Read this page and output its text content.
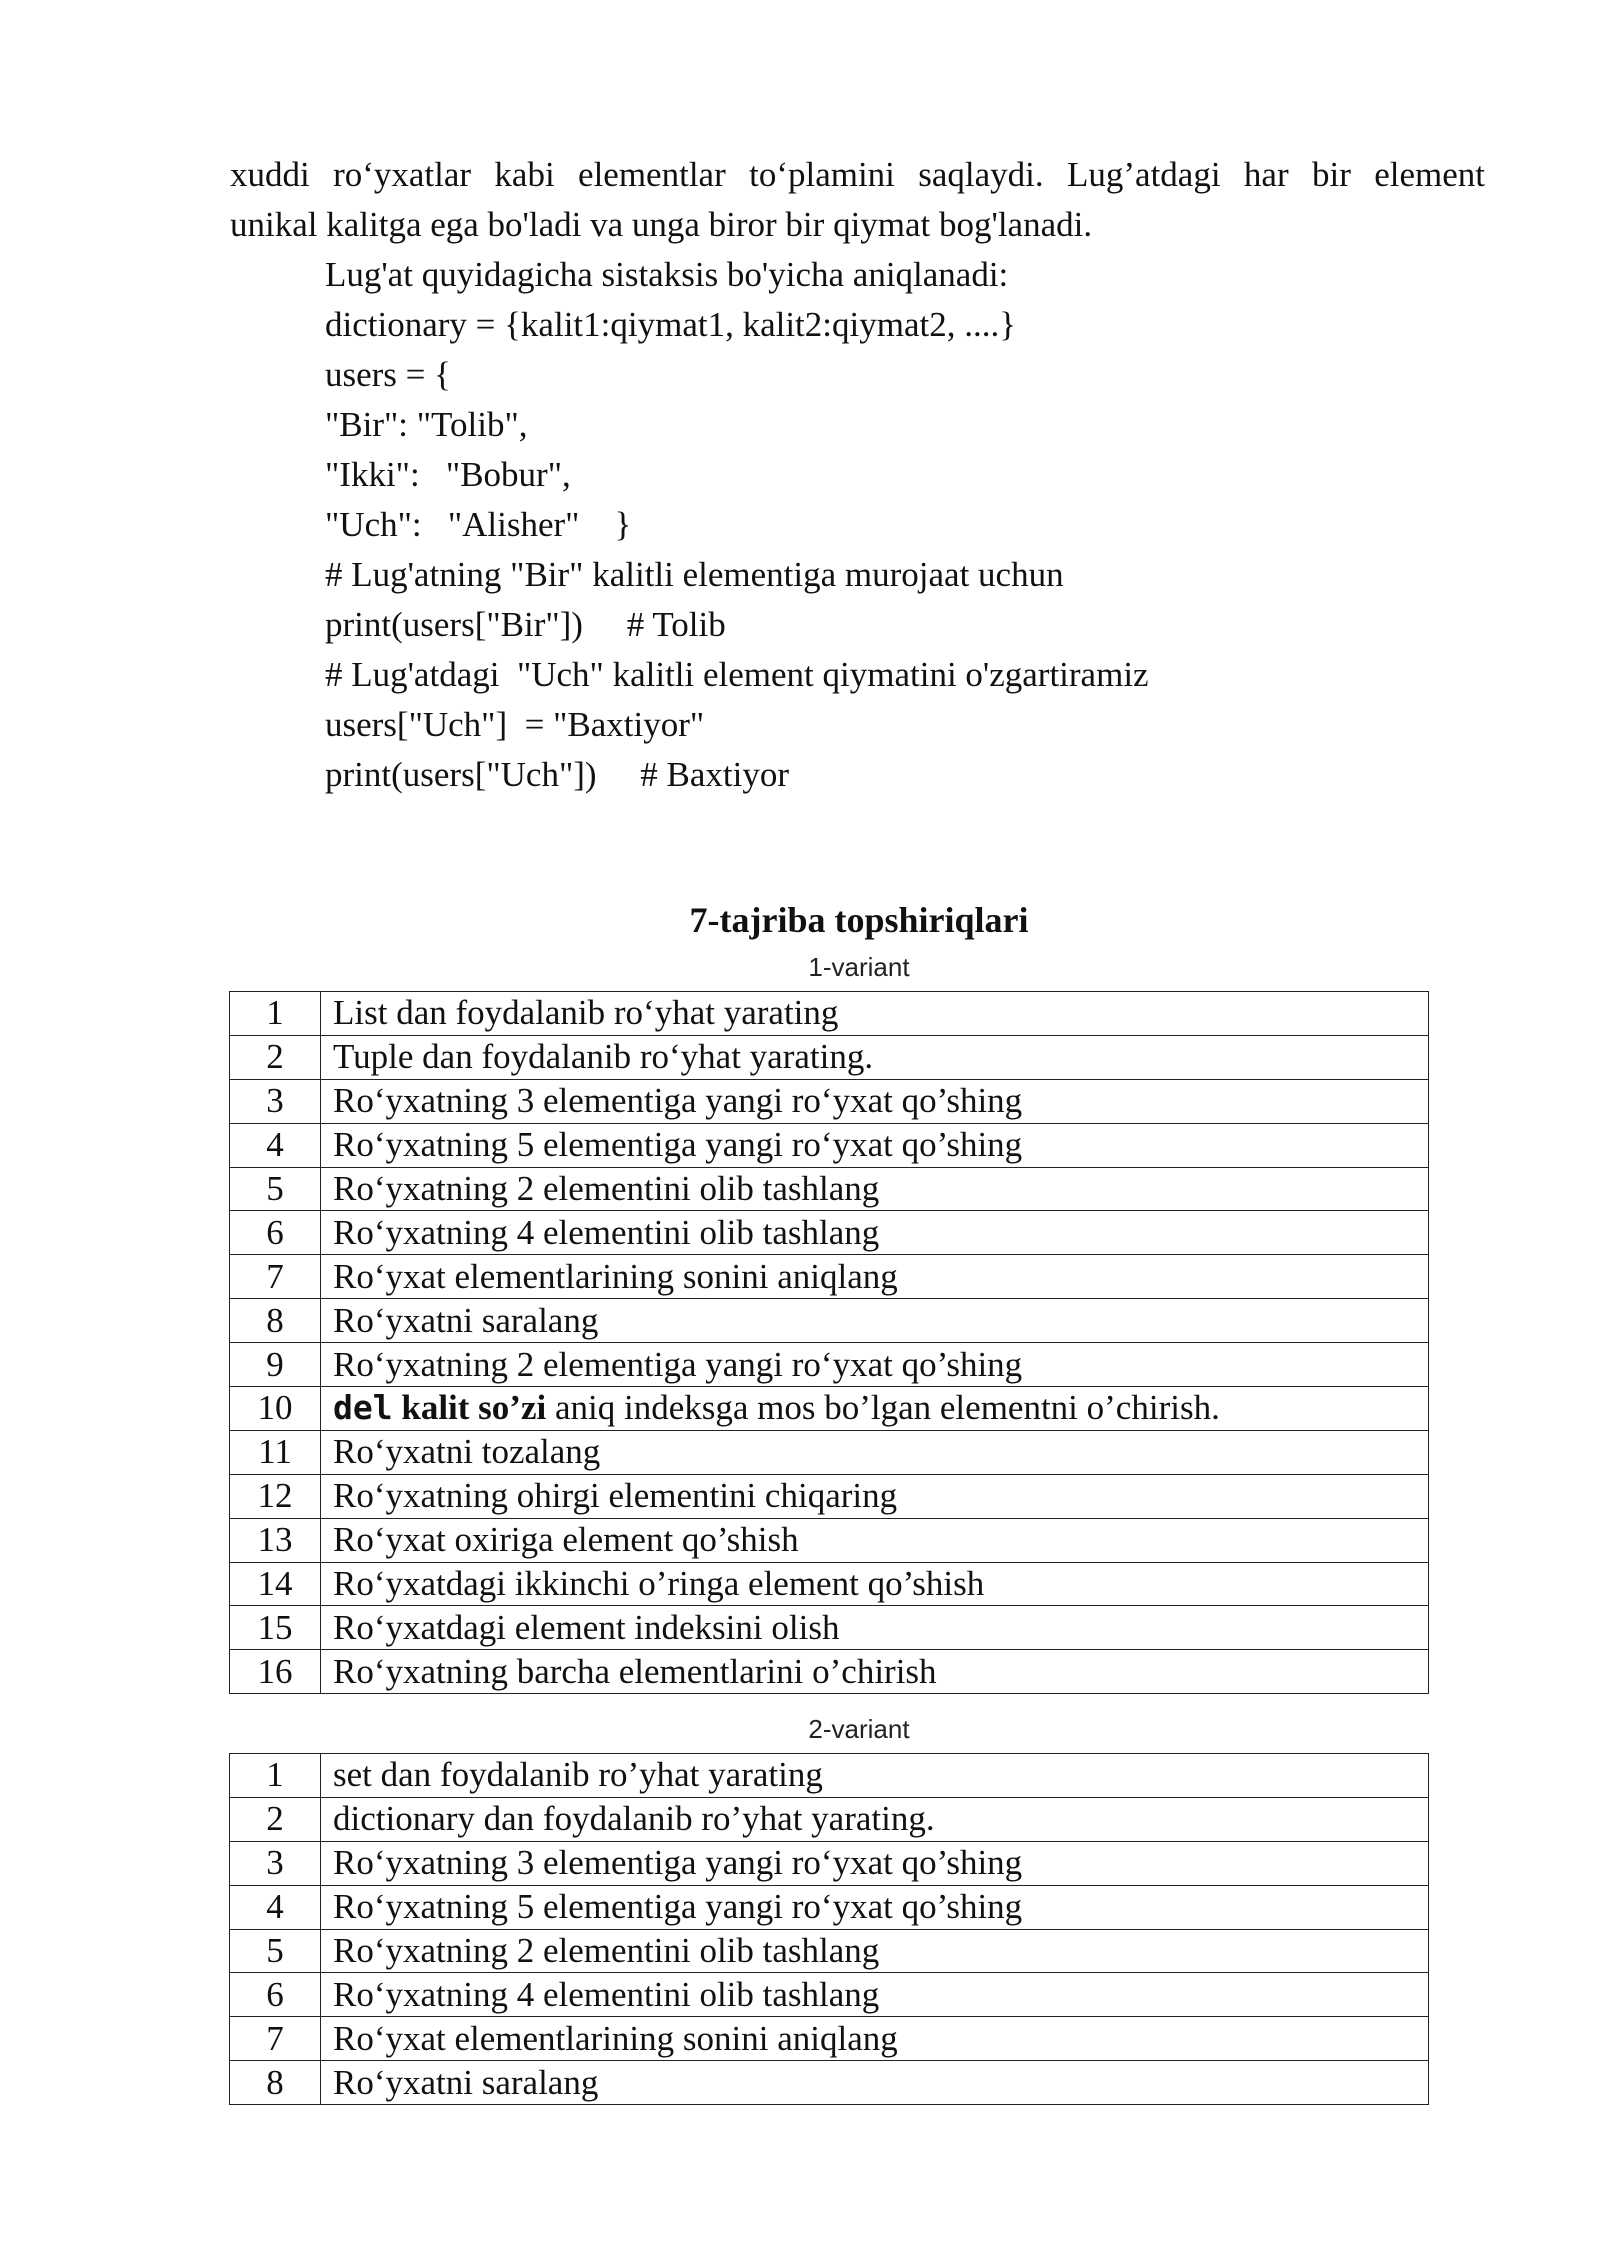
xuddi ro‘yxatlar kabi elementlar to‘plamini saqlaydi. Lug’atdagi har bir element

unikal kalitga ega bo'ladi va unga biror bir qiymat bog'lanadi.

Lug'at quyidagicha sistaksis bo'yicha aniqlanadi:
dictionary = {kalit1:qiymat1, kalit2:qiymat2, ....}
users = {
"Bir": "Tolib",
"Ikki":   "Bobur",
"Uch":   "Alisher"    }
# Lug'atning "Bir" kalitli elementiga murojaat uchun
print(users["Bir"])     # Tolib
# Lug'atdagi  "Uch" kalitli element qiymatini o'zgartiramiz
users["Uch"]  = "Baxtiyor"
print(users["Uch"])     # Baxtiyor
7-tajriba topshiriqlari
1-variant
1	List dan foydalanib ro‘yhat yarating
2	Tuple dan foydalanib ro‘yhat yarating.
3	Ro‘yxatning 3 elementiga yangi ro‘yxat qo’shing
4	Ro‘yxatning 5 elementiga yangi ro‘yxat qo’shing
5	Ro‘yxatning 2 elementini olib tashlang
6	Ro‘yxatning 4 elementini olib tashlang
7	Ro‘yxat elementlarining sonini aniqlang
8	Ro‘yxatni saralang
9	Ro‘yxatning 2 elementiga yangi ro‘yxat qo’shing
10	del kalit so’zi aniq indeksga mos bo’lgan elementni o’chirish.
11	Ro‘yxatni tozalang
12	Ro‘yxatning ohirgi elementini chiqaring
13	Ro‘yxat oxiriga element qo’shish
14	Ro‘yxatdagi ikkinchi o’ringa element qo’shish
15	Ro‘yxatdagi element indeksini olish
16	Ro‘yxatning barcha elementlarini o’chirish
2-variant
1	set dan foydalanib ro’yhat yarating
2	dictionary dan foydalanib ro’yhat yarating.
3	Ro‘yxatning 3 elementiga yangi ro‘yxat qo’shing
4	Ro‘yxatning 5 elementiga yangi ro‘yxat qo’shing
5	Ro‘yxatning 2 elementini olib tashlang
6	Ro‘yxatning 4 elementini olib tashlang
7	Ro‘yxat elementlarining sonini aniqlang
8	Ro‘yxatni saralang
